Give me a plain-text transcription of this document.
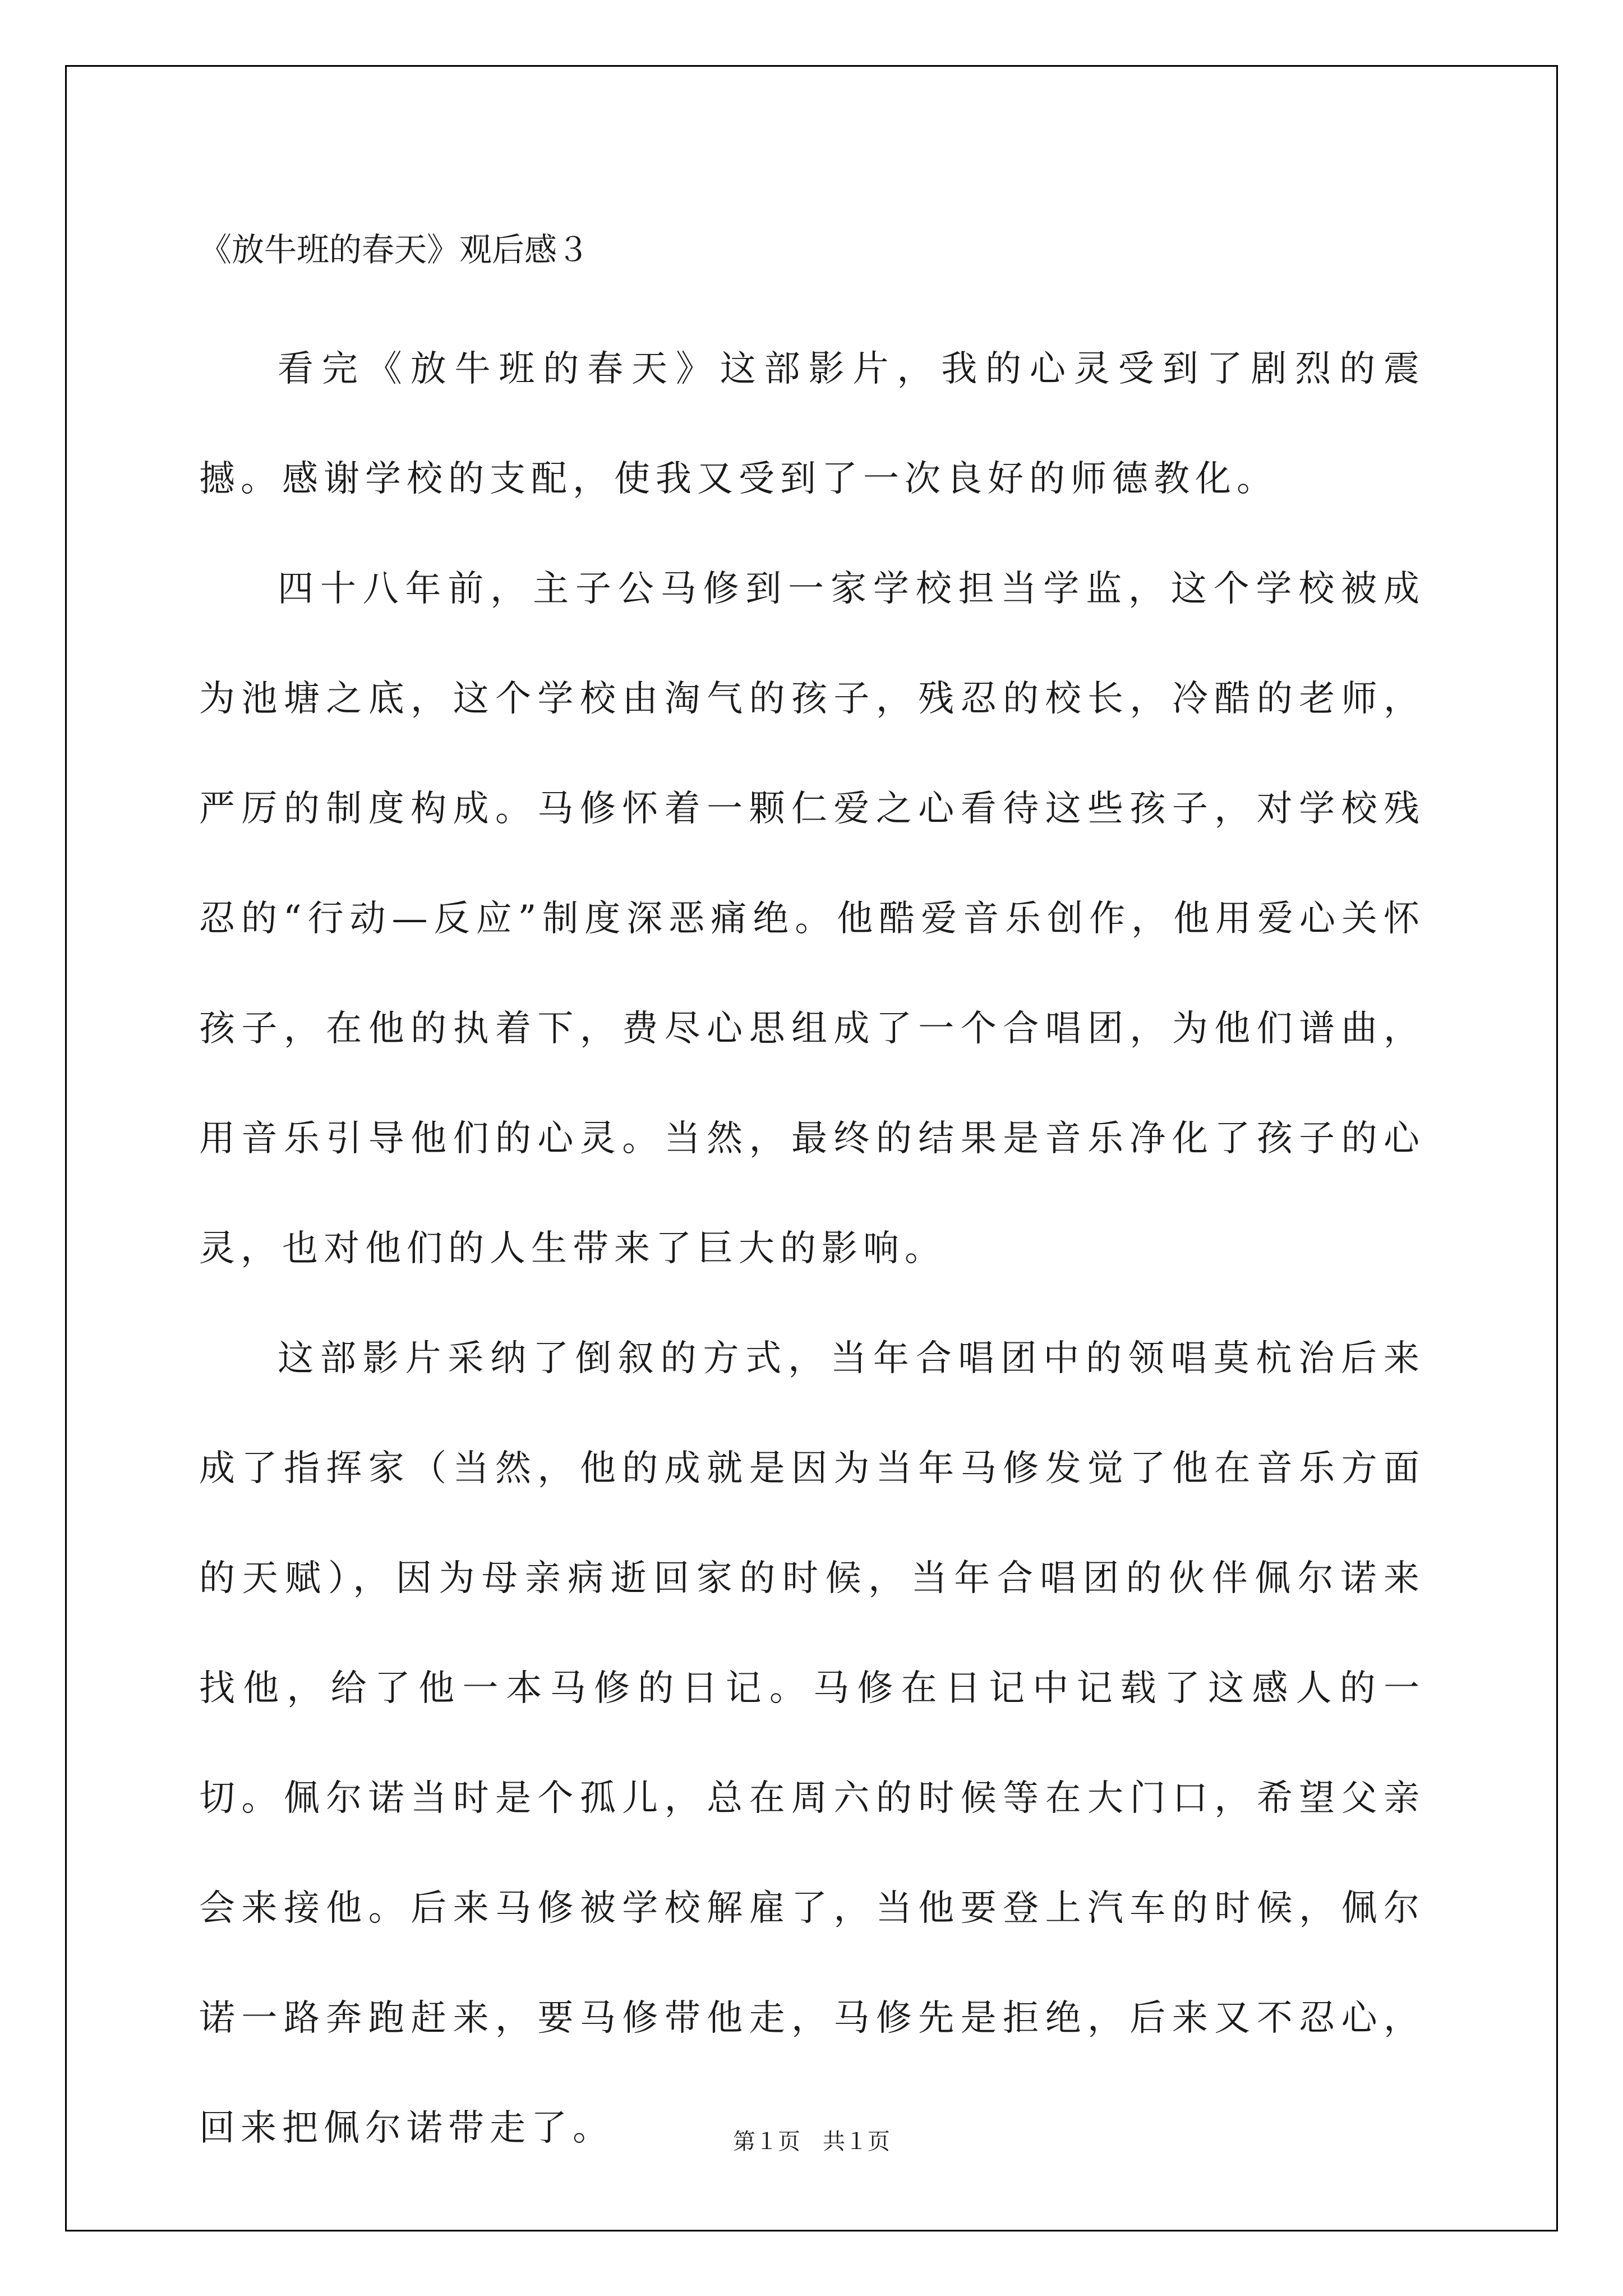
《放牛班的春天》观后感３

看完《放牛班的春天》这部影片，我的心灵受到了剧烈的震撼。感谢学校的支配，使我又受到了一次良好的师德教化。

四十八年前，主子公马修到一家学校担当学监，这个学校被成为池塘之底，这个学校由淘气的孩子，残忍的校长，冷酷的老师，严厉的制度构成。马修怀着一颗仁爱之心看待这些孩子，对学校残忍的“行动—反应”制度深恶痛绝。他酷爱音乐创作，他用爱心关怀孩子，在他的执着下，费尽心思组成了一个合唱团，为他们谱曲，用音乐引导他们的心灵。当然，最终的结果是音乐净化了孩子的心灵，也对他们的人生带来了巨大的影响。

这部影片采纳了倒叙的方式，当年合唱团中的领唱莫杭治后来成了指挥家（当然，他的成就是因为当年马修发觉了他在音乐方面的天赋），因为母亲病逝回家的时候，当年合唱团的伙伴佩尔诺来找他，给了他一本马修的日记。马修在日记中记载了这感人的一切。佩尔诺当时是个孤儿，总在周六的时候等在大门口，希望父亲会来接他。后来马修被学校解雇了，当他要登上汽车的时候，佩尔诺一路奔跑赶来，要马修带他走，马修先是拒绝，后来又不忍心，回来把佩尔诺带走了。	第１页　共１页
